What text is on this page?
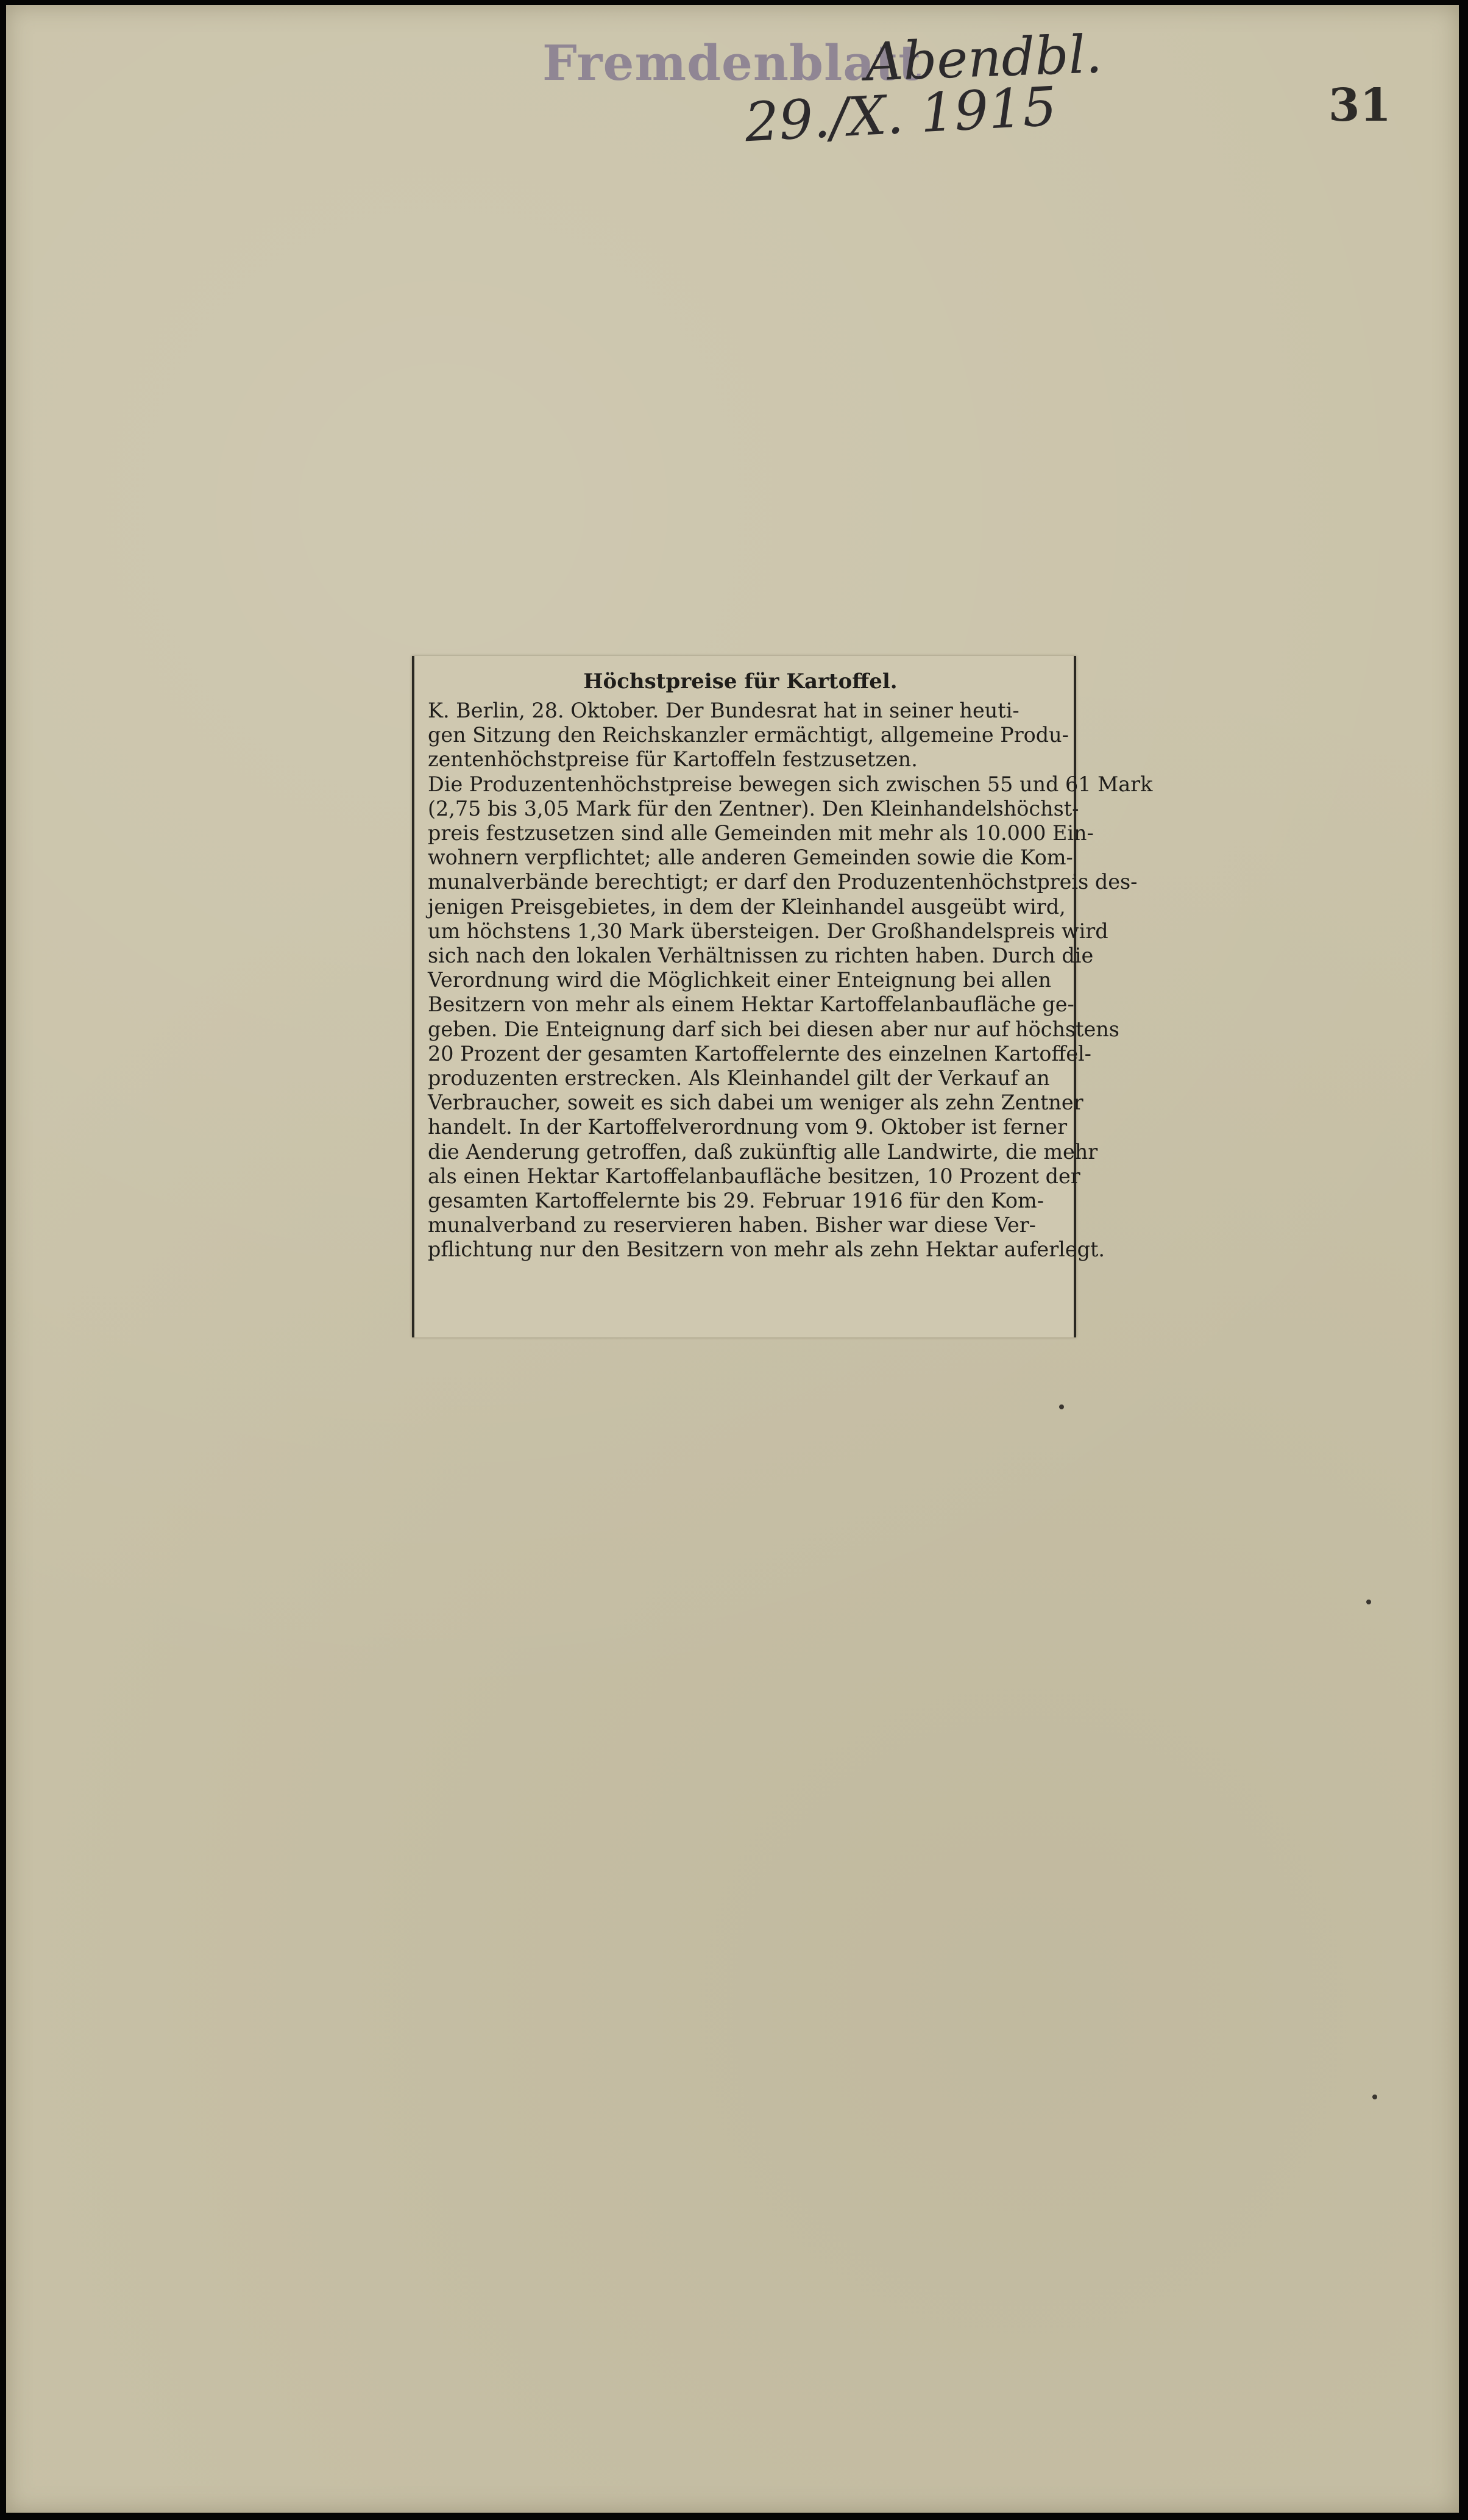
Fremdenblatt
Abendbl.
29./X. 1915	31
Höchstpreise für Kartoffel.
K. Berlin, 28. Oktober. Der Bundesrat hat in seiner heuti-
gen Sitzung den Reichskanzler ermächtigt, allgemeine Produ-
zentenhöchstpreise für Kartoffeln festzusetzen.
Die Produzentenhöchstpreise bewegen sich zwischen 55 und 61 Mark
(2,75 bis 3,05 Mark für den Zentner). Den Kleinhandelshöchst-
preis festzusetzen sind alle Gemeinden mit mehr als 10.000 Ein-
wohnern verpflichtet; alle anderen Gemeinden sowie die Kom-
munalverbände berechtigt; er darf den Produzentenhöchstpreis des-
jenigen Preisgebietes, in dem der Kleinhandel ausgeübt wird,
um höchstens 1,30 Mark übersteigen. Der Großhandelspreis wird
sich nach den lokalen Verhältnissen zu richten haben. Durch die
Verordnung wird die Möglichkeit einer Enteignung bei allen
Besitzern von mehr als einem Hektar Kartoffelanbaufläche ge-
geben. Die Enteignung darf sich bei diesen aber nur auf höchstens
20 Prozent der gesamten Kartoffelernte des einzelnen Kartoffel-
produzenten erstrecken. Als Kleinhandel gilt der Verkauf an
Verbraucher, soweit es sich dabei um weniger als zehn Zentner
handelt. In der Kartoffelverordnung vom 9. Oktober ist ferner
die Aenderung getroffen, daß zukünftig alle Landwirte, die mehr
als einen Hektar Kartoffelanbaufläche besitzen, 10 Prozent der
gesamten Kartoffelernte bis 29. Februar 1916 für den Kom-
munalverband zu reservieren haben. Bisher war diese Ver-
pflichtung nur den Besitzern von mehr als zehn Hektar auferlegt.
